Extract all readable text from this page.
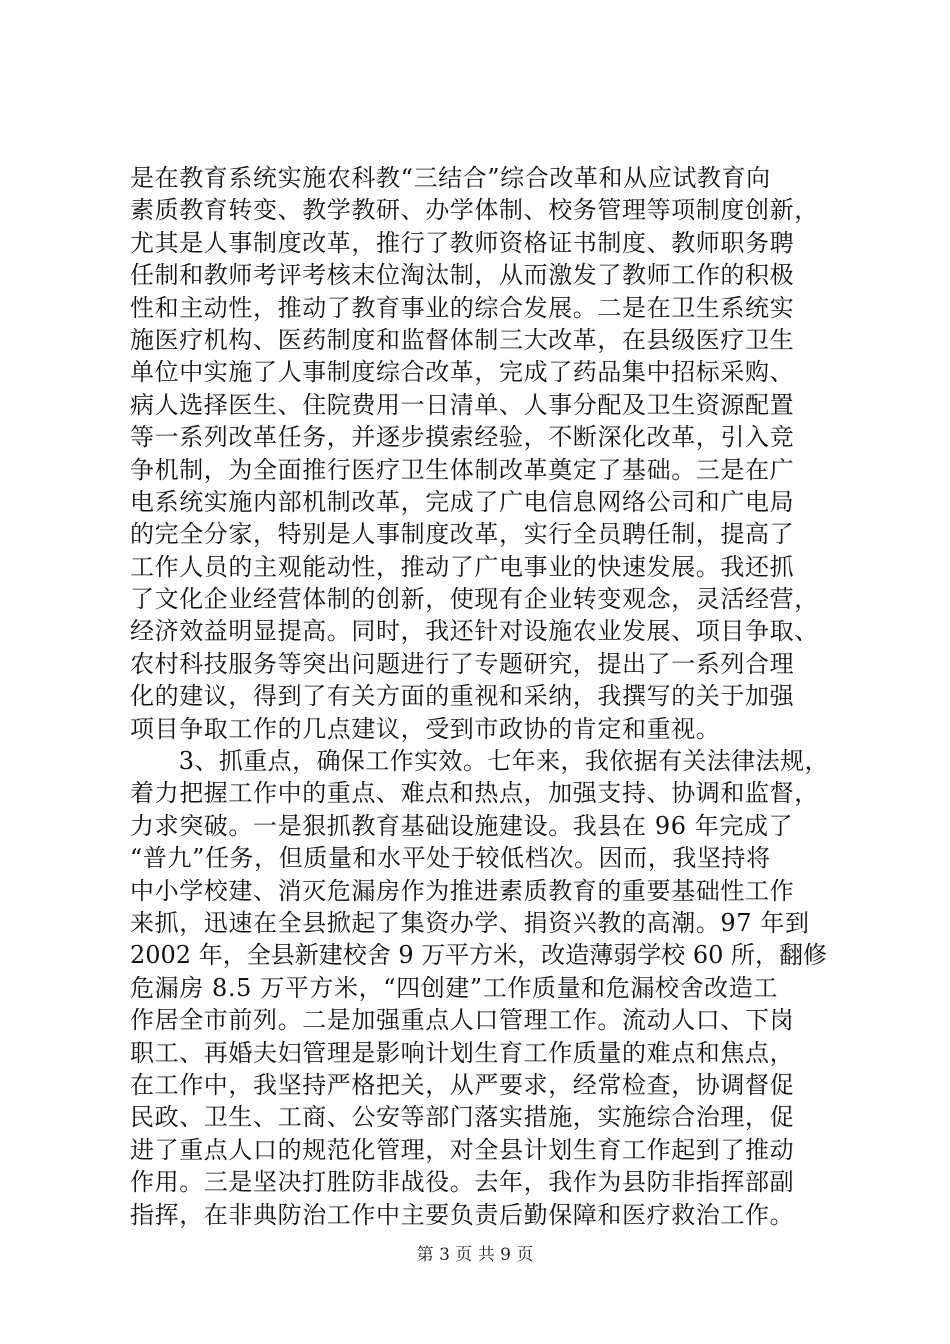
是在教育系统实施农科教“三结合”综合改革和从应试教育向
素质教育转变、教学教研、办学体制、校务管理等项制度创新，
尤其是人事制度改革，推行了教师资格证书制度、教师职务聘
任制和教师考评考核末位淘汰制，从而激发了教师工作的积极
性和主动性，推动了教育事业的综合发展。二是在卫生系统实
施医疗机构、医药制度和监督体制三大改革，在县级医疗卫生
单位中实施了人事制度综合改革，完成了药品集中招标采购、
病人选择医生、住院费用一日清单、人事分配及卫生资源配置
等一系列改革任务，并逐步摸索经验，不断深化改革，引入竞
争机制，为全面推行医疗卫生体制改革奠定了基础。三是在广
电系统实施内部机制改革，完成了广电信息网络公司和广电局
的完全分家，特别是人事制度改革，实行全员聘任制，提高了
工作人员的主观能动性，推动了广电事业的快速发展。我还抓
了文化企业经营体制的创新，使现有企业转变观念，灵活经营，
经济效益明显提高。同时，我还针对设施农业发展、项目争取、
农村科技服务等突出问题进行了专题研究，提出了一系列合理
化的建议，得到了有关方面的重视和采纳，我撰写的关于加强
项目争取工作的几点建议，受到市政协的肯定和重视。
　　3、抓重点，确保工作实效。七年来，我依据有关法律法规，
着力把握工作中的重点、难点和热点，加强支持、协调和监督，
力求突破。一是狠抓教育基础设施建设。我县在 96 年完成了
“普九”任务，但质量和水平处于较低档次。因而，我坚持将
中小学校建、消灭危漏房作为推进素质教育的重要基础性工作
来抓，迅速在全县掀起了集资办学、捐资兴教的高潮。97 年到
2002 年，全县新建校舍 9 万平方米，改造薄弱学校 60 所，翻修
危漏房 8.5 万平方米，“四创建”工作质量和危漏校舍改造工
作居全市前列。二是加强重点人口管理工作。流动人口、下岗
职工、再婚夫妇管理是影响计划生育工作质量的难点和焦点，
在工作中，我坚持严格把关，从严要求，经常检查，协调督促
民政、卫生、工商、公安等部门落实措施，实施综合治理，促
进了重点人口的规范化管理，对全县计划生育工作起到了推动
作用。三是坚决打胜防非战役。去年，我作为县防非指挥部副
指挥，在非典防治工作中主要负责后勤保障和医疗救治工作。
第 3 页 共 9 页
